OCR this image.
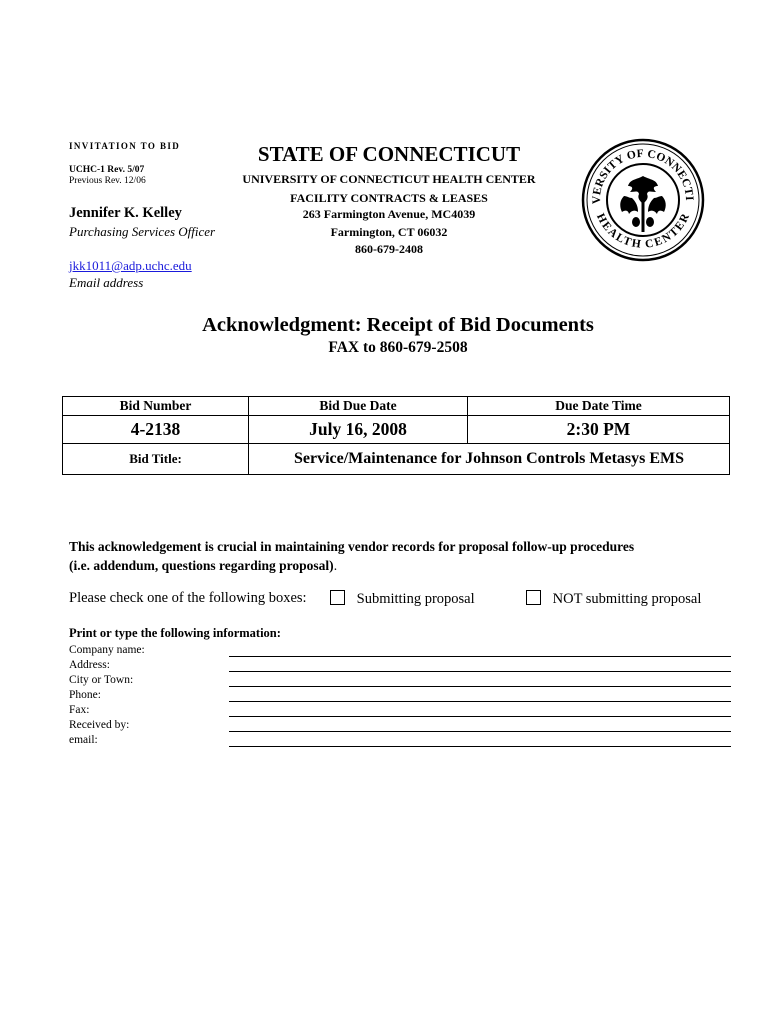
INVITATION TO BID
UCHC-1 Rev. 5/07
Previous Rev. 12/06
Jennifer K. Kelley
Purchasing Services Officer
jkk1011@adp.uchc.edu
Email address
STATE OF CONNECTICUT
UNIVERSITY OF CONNECTICUT HEALTH CENTER
FACILITY CONTRACTS & LEASES
263 Farmington Avenue, MC4039
Farmington, CT 06032
860-679-2408
VERSITY OF CONNECTI
HEALTH CENTER
Acknowledgment: Receipt of Bid Documents
FAX to 860-679-2508
Bid Number	Bid Due Date	Due Date Time
4-2138	July 16, 2008	2:30 PM
Bid Title:	Service/Maintenance for Johnson Controls Metasys EMS	
This acknowledgement is crucial in maintaining vendor records for proposal follow-up procedures
(i.e. addendum, questions regarding proposal).
Please check one of the following boxes:	Submitting proposal	NOT submitting proposal
Print or type the following information:
Company name:
Address:
City or Town:
Phone:
Fax:
Received by:
email:
